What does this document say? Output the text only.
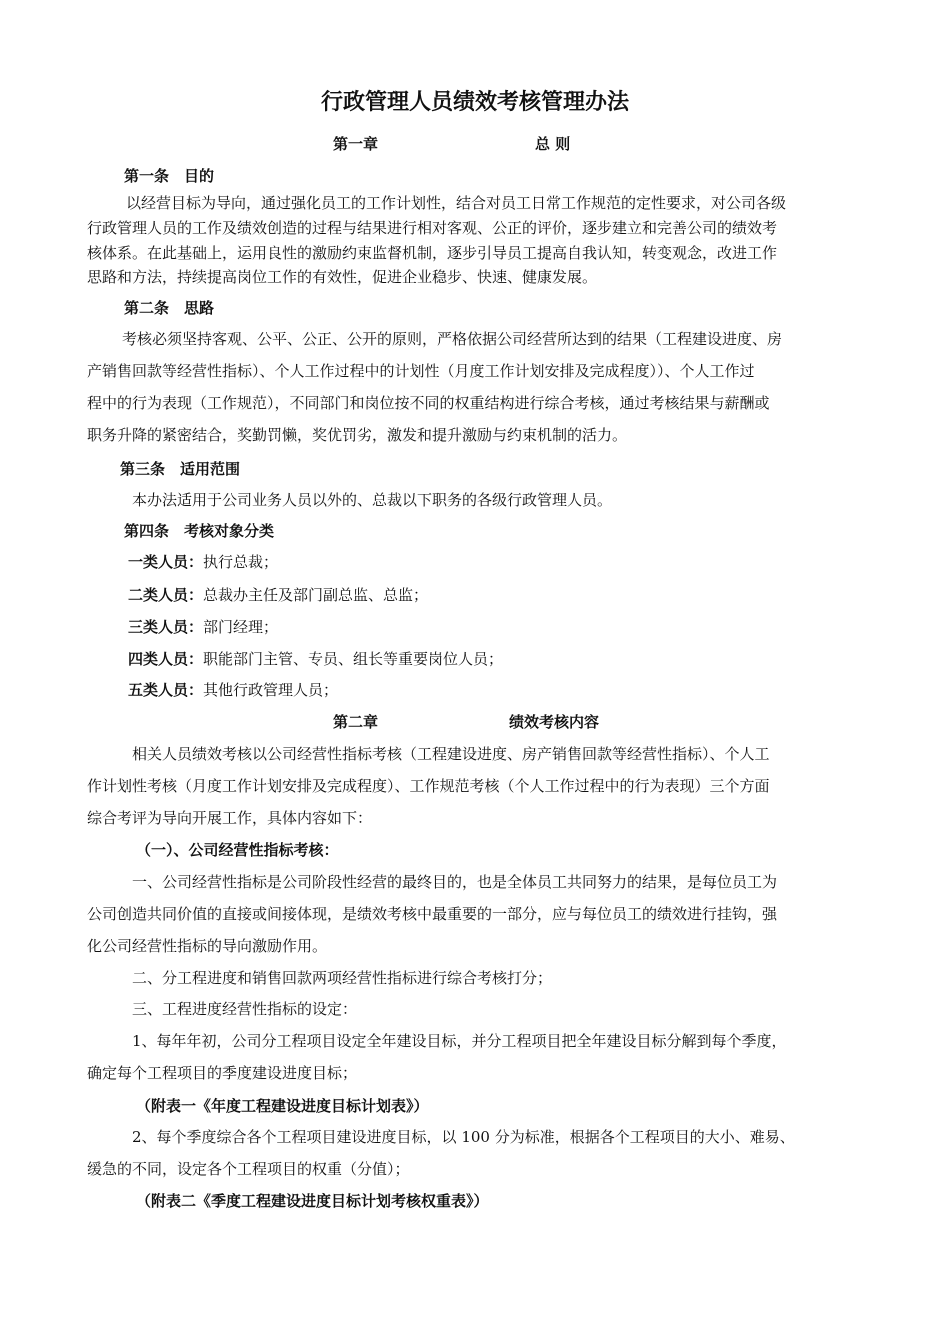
行政管理人员绩效考核管理办法
第一章	总 则
第一条　目的
以经营目标为导向，通过强化员工的工作计划性，结合对员工日常工作规范的定性要求，对公司各级
行政管理人员的工作及绩效创造的过程与结果进行相对客观、公正的评价，逐步建立和完善公司的绩效考
核体系。在此基础上，运用良性的激励约束监督机制，逐步引导员工提高自我认知，转变观念，改进工作
思路和方法，持续提高岗位工作的有效性，促进企业稳步、快速、健康发展。
第二条　思路
考核必须坚持客观、公平、公正、公开的原则，严格依据公司经营所达到的结果（工程建设进度、房
产销售回款等经营性指标）、个人工作过程中的计划性（月度工作计划安排及完成程度））、个人工作过
程中的行为表现（工作规范），不同部门和岗位按不同的权重结构进行综合考核，通过考核结果与薪酬或
职务升降的紧密结合，奖勤罚懒，奖优罚劣，激发和提升激励与约束机制的活力。
第三条　适用范围
本办法适用于公司业务人员以外的、总裁以下职务的各级行政管理人员。
第四条　考核对象分类
一类人员：执行总裁；
二类人员：总裁办主任及部门副总监、总监；
三类人员：部门经理；
四类人员：职能部门主管、专员、组长等重要岗位人员；
五类人员：其他行政管理人员；
第二章	绩效考核内容
相关人员绩效考核以公司经营性指标考核（工程建设进度、房产销售回款等经营性指标）、个人工
作计划性考核（月度工作计划安排及完成程度）、工作规范考核（个人工作过程中的行为表现）三个方面
综合考评为导向开展工作，具体内容如下：
（一）、公司经营性指标考核：
一、公司经营性指标是公司阶段性经营的最终目的，也是全体员工共同努力的结果，是每位员工为
公司创造共同价值的直接或间接体现，是绩效考核中最重要的一部分，应与每位员工的绩效进行挂钩，强
化公司经营性指标的导向激励作用。
二、分工程进度和销售回款两项经营性指标进行综合考核打分；
三、工程进度经营性指标的设定：
1、每年年初，公司分工程项目设定全年建设目标，并分工程项目把全年建设目标分解到每个季度，
确定每个工程项目的季度建设进度目标；
（附表一《年度工程建设进度目标计划表》）
2、每个季度综合各个工程项目建设进度目标，以 100 分为标准，根据各个工程项目的大小、难易、
缓急的不同，设定各个工程项目的权重（分值）；
（附表二《季度工程建设进度目标计划考核权重表》）
